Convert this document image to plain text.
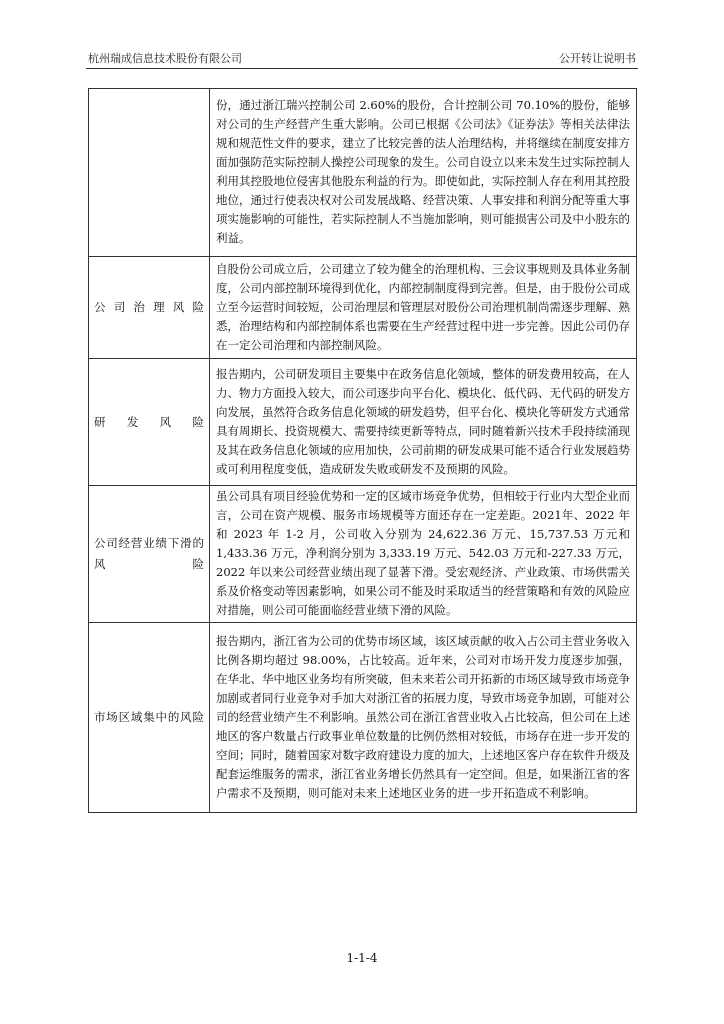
杭州瑞成信息技术股份有限公司	公开转让说明书
	份，通过浙江瑞兴控制公司 2.60%的股份，合计控制公司 70.10%的股份，能够对公司的生产经营产生重大影响。公司已根据《公司法》《证券法》等相关法律法规和规范性文件的要求，建立了比较完善的法人治理结构，并将继续在制度安排方面加强防范实际控制人操控公司现象的发生。公司自设立以来未发生过实际控制人利用其控股地位侵害其他股东利益的行为。即使如此，实际控制人存在利用其控股地位，通过行使表决权对公司发展战略、经营决策、人事安排和利润分配等重大事项实施影响的可能性，若实际控制人不当施加影响，则可能损害公司及中小股东的利益。
公司治理风险	自股份公司成立后，公司建立了较为健全的治理机构、三会议事规则及具体业务制度，公司内部控制环境得到优化，内部控制制度得到完善。但是，由于股份公司成立至今运营时间较短，公司治理层和管理层对股份公司治理机制尚需逐步理解、熟悉，治理结构和内部控制体系也需要在生产经营过程中进一步完善。因此公司仍存在一定公司治理和内部控制风险。
研发风险	报告期内，公司研发项目主要集中在政务信息化领域，整体的研发费用较高，在人力、物力方面投入较大，而公司逐步向平台化、模块化、低代码、无代码的研发方向发展，虽然符合政务信息化领域的研发趋势，但平台化、模块化等研发方式通常具有周期长、投资规模大、需要持续更新等特点，同时随着新兴技术手段持续涌现及其在政务信息化领域的应用加快，公司前期的研发成果可能不适合行业发展趋势或可利用程度变低，造成研发失败或研发不及预期的风险。
公司经营业绩下滑的风险	虽公司具有项目经验优势和一定的区域市场竞争优势，但相较于行业内大型企业而言，公司在资产规模、服务市场规模等方面还存在一定差距。2021年、2022 年和 2023 年 1-2 月，公司收入分别为 24,622.36 万元、15,737.53 万元和 1,433.36 万元，净利润分别为 3,333.19 万元、542.03 万元和-227.33 万元，2022 年以来公司经营业绩出现了显著下滑。受宏观经济、产业政策、市场供需关系及价格变动等因素影响，如果公司不能及时采取适当的经营策略和有效的风险应对措施，则公司可能面临经营业绩下滑的风险。
市场区域集中的风险	报告期内，浙江省为公司的优势市场区域，该区域贡献的收入占公司主营业务收入比例各期均超过 98.00%，占比较高。近年来，公司对市场开发力度逐步加强，在华北、华中地区业务均有所突破，但未来若公司开拓新的市场区域导致市场竞争加剧或者同行业竞争对手加大对浙江省的拓展力度，导致市场竞争加剧，可能对公司的经营业绩产生不利影响。虽然公司在浙江省营业收入占比较高，但公司在上述地区的客户数量占行政事业单位数量的比例仍然相对较低，市场存在进一步开发的空间；同时，随着国家对数字政府建设力度的加大，上述地区客户存在软件升级及配套运维服务的需求，浙江省业务增长仍然具有一定空间。但是，如果浙江省的客户需求不及预期，则可能对未来上述地区业务的进一步开拓造成不利影响。
1-1-4
